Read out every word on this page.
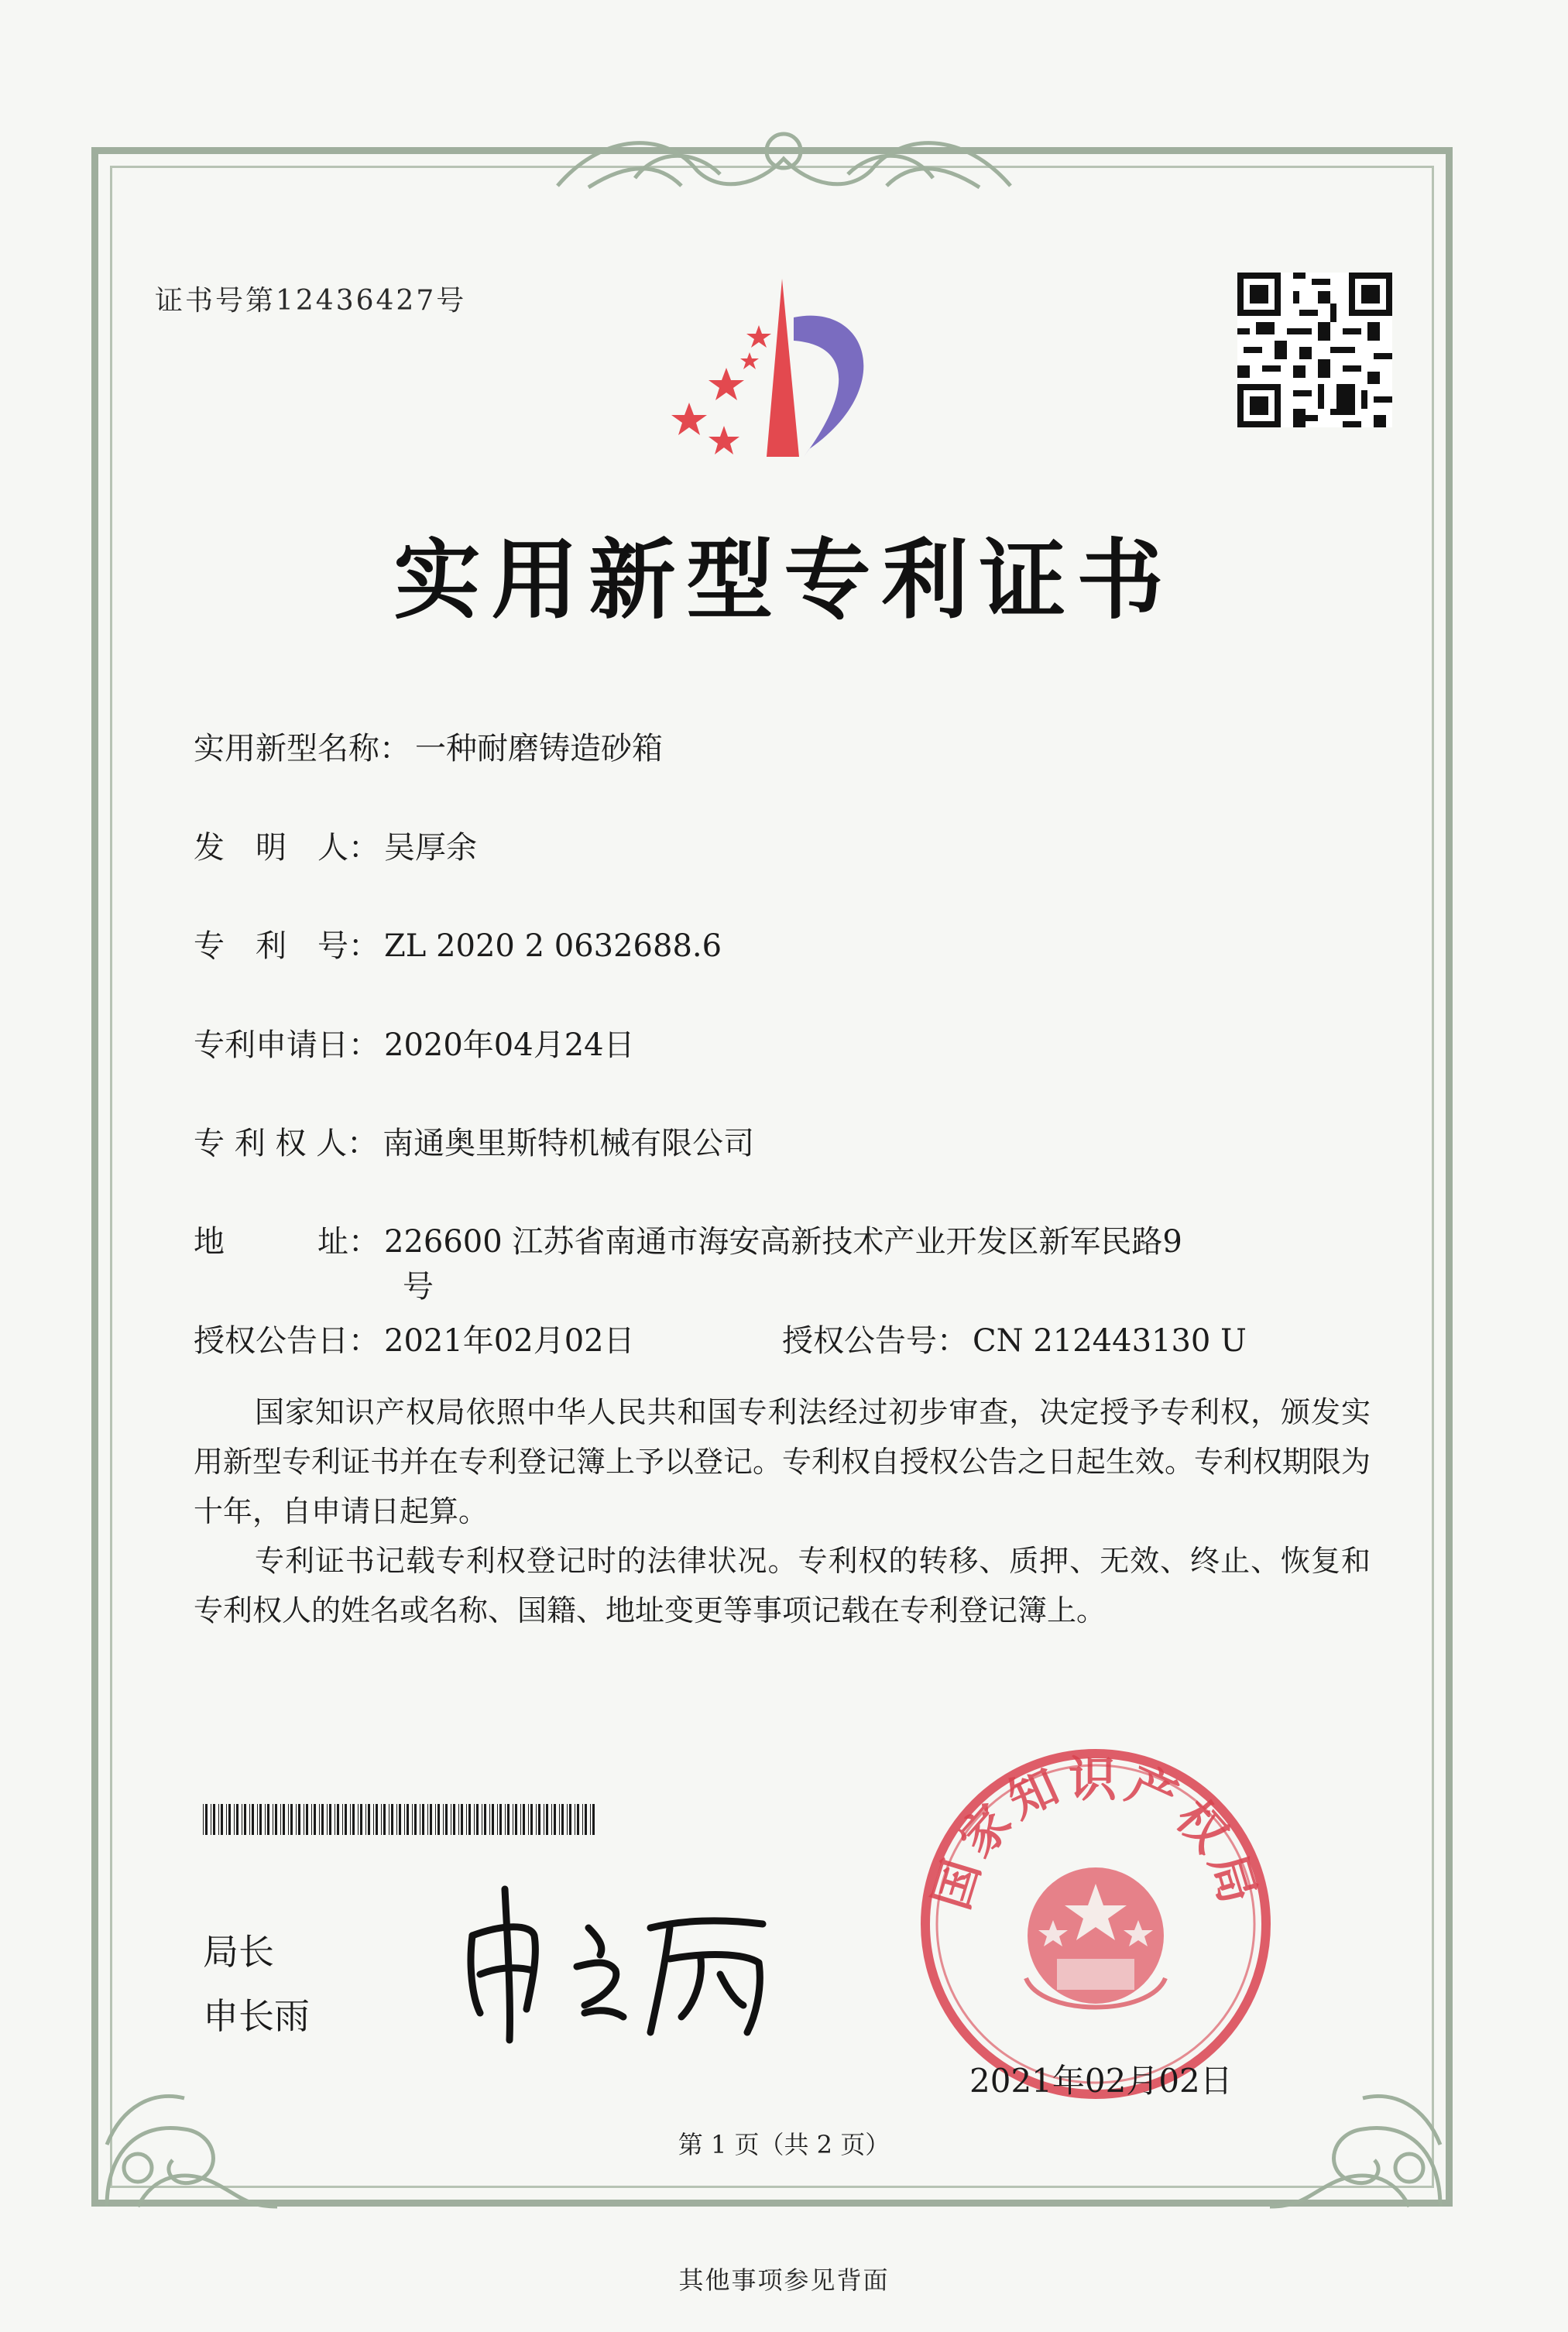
证书号第12436427号
实用新型专利证书
实用新型名称： 一种耐磨铸造砂箱
发　明　人： 吴厚余
专　利　号： ZL 2020 2 0632688.6
专利申请日： 2020年04月24日
专 利 权 人： 南通奥里斯特机械有限公司
地　　　址： 226600 江苏省南通市海安高新技术产业开发区新军民路9
号
授权公告日： 2021年02月02日	授权公告号： CN 212443130 U
国家知识产权局依照中华人民共和国专利法经过初步审查，决定授予专利权，颁发实用新型专利证书并在专利登记簿上予以登记。专利权自授权公告之日起生效。专利权期限为十年，自申请日起算。
专利证书记载专利权登记时的法律状况。专利权的转移、质押、无效、终止、恢复和专利权人的姓名或名称、国籍、地址变更等事项记载在专利登记簿上。
局长
申长雨
国家知识产权局
2021年02月02日
第 1 页（共 2 页）
其他事项参见背面
